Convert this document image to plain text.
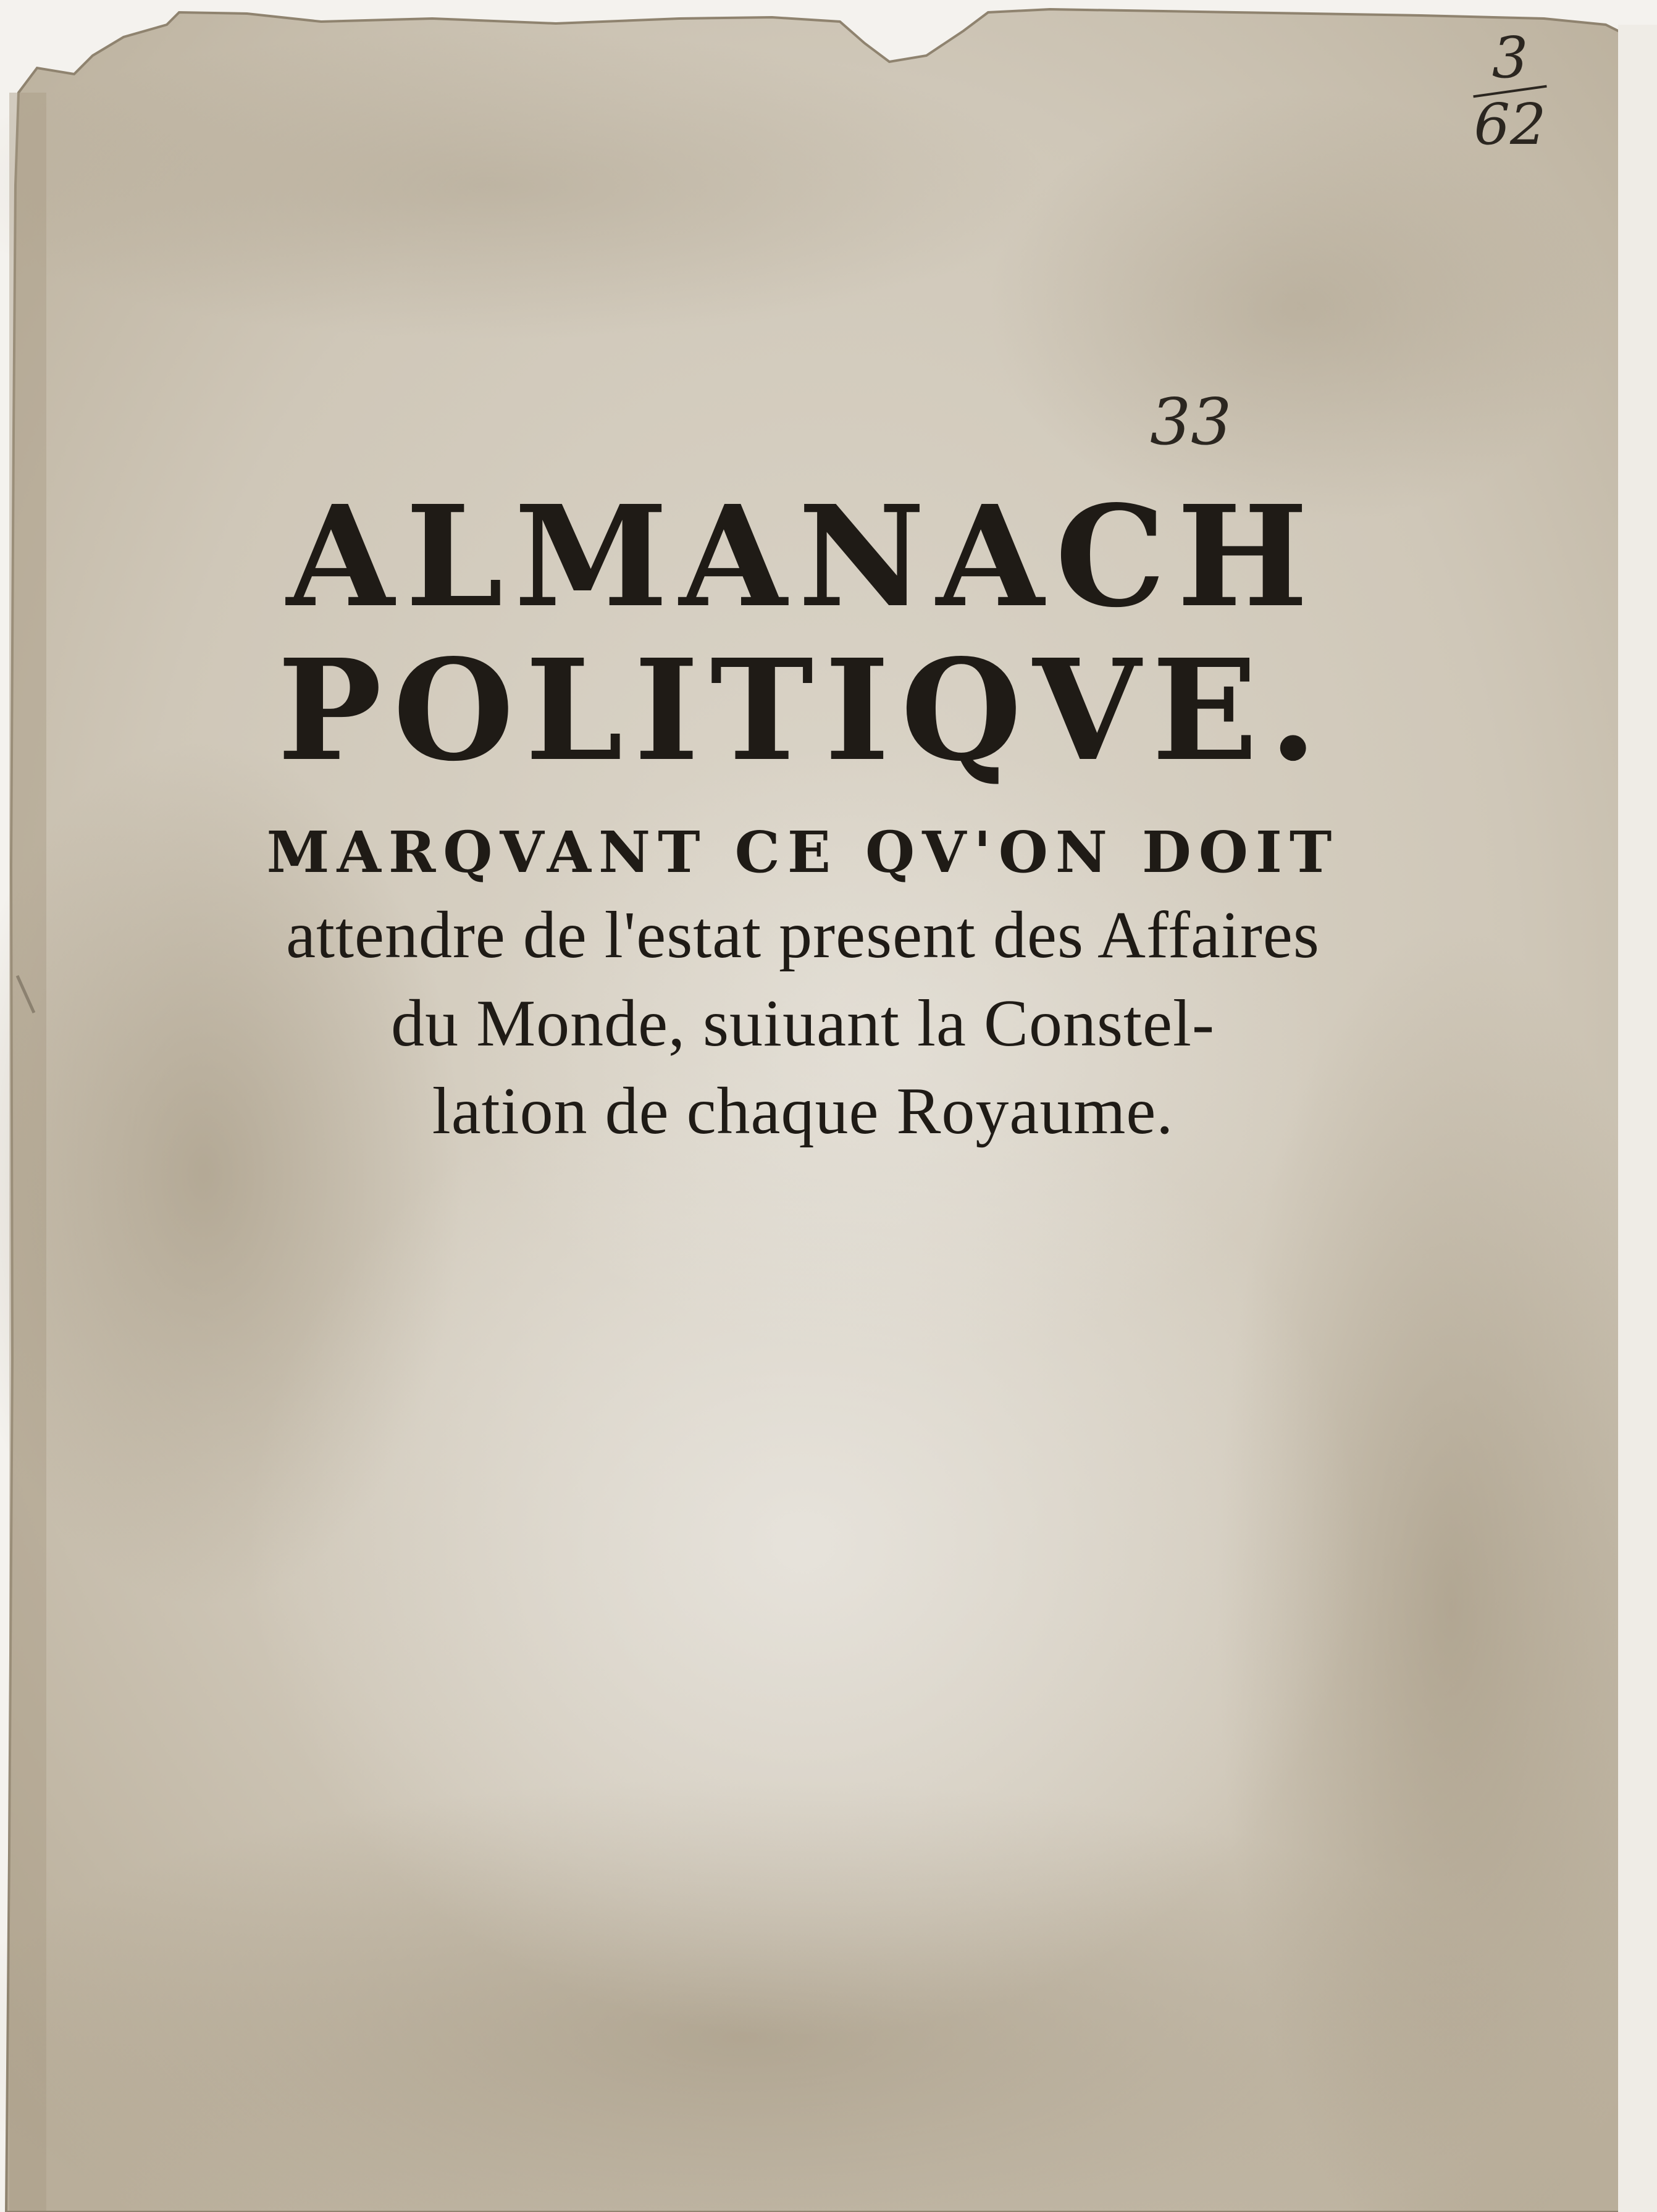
3
62
33
ALMANACH
POLITIQVE.
MARQVANT CE QV'ON DOIT
attendre de l'estat present des Affaires
du Monde, suiuant la Constel-
lation de chaque Royaume.
